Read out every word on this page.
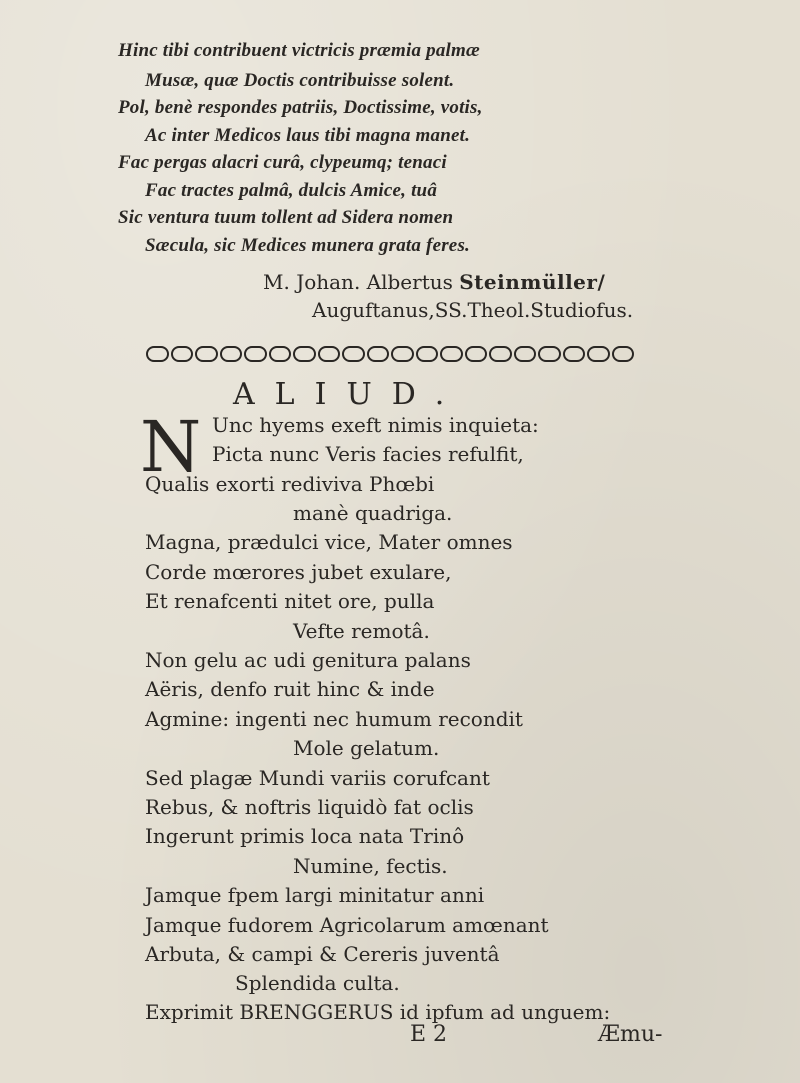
Hinc tibi contribuent victricis præmia palmæ
Musæ, quæ Doctis contribuisse solent.
Pol, benè respondes patriis, Doctissime, votis,
Ac inter Medicos laus tibi magna manet.
Fac pergas alacri curâ, clypeumq; tenaci
Fac tractes palmâ, dulcis Amice, tuâ
Sic ventura tuum tollent ad Sidera nomen
Sæcula, sic Medices munera grata feres.
M. Johan. Albertus Steinmüller/
Auguftanus,SS.Theol.Studiofus.
ALIUD.
N Unc hyems exeft nimis inquieta:
Picta nunc Veris facies refulfit,
Qualis exorti rediviva Phœbi
manè quadriga.
Magna, prædulci vice, Mater omnes
Corde mœrores jubet exulare,
Et renafcenti nitet ore, pulla
Vefte remotâ.
Non gelu ac udi genitura palans
Aëris, denfo ruit hinc & inde
Agmine: ingenti nec humum recondit
Mole gelatum.
Sed plagæ Mundi variis corufcant
Rebus, & noftris liquidò fat oclis
Ingerunt primis loca nata Trinô
Numine, fectis.
Jamque fpem largi minitatur anni
Jamque fudorem Agricolarum amœnant
Arbuta, & campi & Cereris juventâ
Splendida culta.
Exprimit BRENGGERUS id ipfum ad unguem:
E 2	Æmu-
